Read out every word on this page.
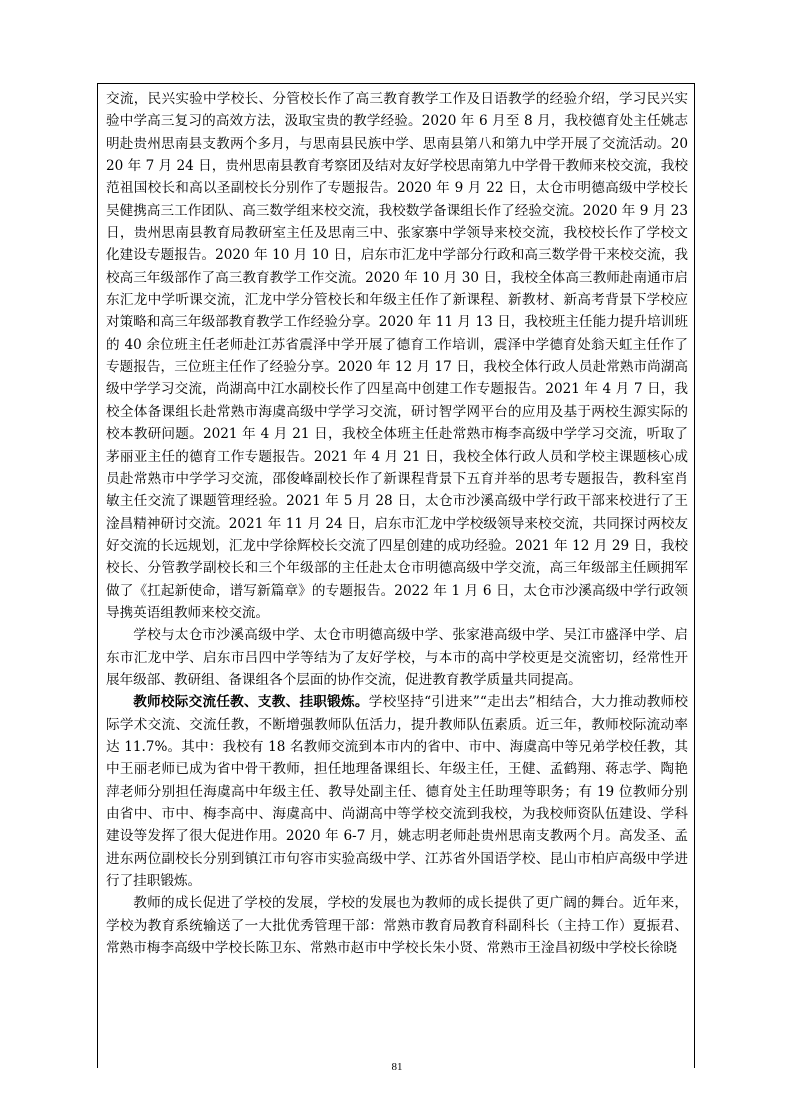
交流，民兴实验中学校长、分管校长作了高三教育教学工作及日语教学的经验介绍，学习民兴实验中学高三复习的高效方法，汲取宝贵的教学经验。2020 年 6 月至 8 月，我校德育处主任姚志明赴贵州思南县支教两个多月，与思南县民族中学、思南县第八和第九中学开展了交流活动。2020 年 7 月 24 日，贵州思南县教育考察团及结对友好学校思南第九中学骨干教师来校交流，我校范祖国校长和高以圣副校长分别作了专题报告。2020 年 9 月 22 日，太仓市明德高级中学校长吴健携高三工作团队、高三数学组来校交流，我校数学备课组长作了经验交流。2020 年 9 月 23 日，贵州思南县教育局教研室主任及思南三中、张家寨中学领导来校交流，我校校长作了学校文化建设专题报告。2020 年 10 月 10 日，启东市汇龙中学部分行政和高三数学骨干来校交流，我校高三年级部作了高三教育教学工作交流。2020 年 10 月 30 日，我校全体高三教师赴南通市启东汇龙中学听课交流，汇龙中学分管校长和年级主任作了新课程、新教材、新高考背景下学校应对策略和高三年级部教育教学工作经验分享。2020 年 11 月 13 日，我校班主任能力提升培训班的 40 余位班主任老师赴江苏省震泽中学开展了德育工作培训，震泽中学德育处翁天虹主任作了专题报告，三位班主任作了经验分享。2020 年 12 月 17 日，我校全体行政人员赴常熟市尚湖高级中学学习交流，尚湖高中江水副校长作了四星高中创建工作专题报告。2021 年 4 月 7 日，我校全体备课组长赴常熟市海虞高级中学学习交流，研讨智学网平台的应用及基于两校生源实际的校本教研问题。2021 年 4 月 21 日，我校全体班主任赴常熟市梅李高级中学学习交流，听取了茅丽亚主任的德育工作专题报告。2021 年 4 月 21 日，我校全体行政人员和学校主课题核心成员赴常熟市中学学习交流，邵俊峰副校长作了新课程背景下五育并举的思考专题报告，教科室肖敏主任交流了课题管理经验。2021 年 5 月 28 日，太仓市沙溪高级中学行政干部来校进行了王淦昌精神研讨交流。2021 年 11 月 24 日，启东市汇龙中学校级领导来校交流，共同探讨两校友好交流的长远规划，汇龙中学徐辉校长交流了四星创建的成功经验。2021 年 12 月 29 日，我校校长、分管教学副校长和三个年级部的主任赴太仓市明德高级中学交流，高三年级部主任顾拥军做了《扛起新使命，谱写新篇章》的专题报告。2022 年 1 月 6 日，太仓市沙溪高级中学行政领导携英语组教师来校交流。

学校与太仓市沙溪高级中学、太仓市明德高级中学、张家港高级中学、吴江市盛泽中学、启东市汇龙中学、启东市吕四中学等结为了友好学校，与本市的高中学校更是交流密切，经常性开展年级部、教研组、备课组各个层面的协作交流，促进教育教学质量共同提高。

教师校际交流任教、支教、挂职锻炼。学校坚持“引进来”“走出去”相结合，大力推动教师校际学术交流、交流任教，不断增强教师队伍活力，提升教师队伍素质。近三年，教师校际流动率达 11.7%。其中：我校有 18 名教师交流到本市内的省中、市中、海虞高中等兄弟学校任教，其中王丽老师已成为省中骨干教师，担任地理备课组长、年级主任，王健、孟鹤翔、蒋志学、陶艳萍老师分别担任海虞高中年级主任、教导处副主任、德育处主任助理等职务；有 19 位教师分别由省中、市中、梅李高中、海虞高中、尚湖高中等学校交流到我校，为我校师资队伍建设、学科建设等发挥了很大促进作用。2020 年 6-7 月，姚志明老师赴贵州思南支教两个月。高发圣、孟进东两位副校长分别到镇江市句容市实验高级中学、江苏省外国语学校、昆山市柏庐高级中学进行了挂职锻炼。

教师的成长促进了学校的发展，学校的发展也为教师的成长提供了更广阔的舞台。近年来，学校为教育系统输送了一大批优秀管理干部：常熟市教育局教育科副科长（主持工作）夏振君、常熟市梅李高级中学校长陈卫东、常熟市赵市中学校长朱小贤、常熟市王淦昌初级中学校长徐晓

81
